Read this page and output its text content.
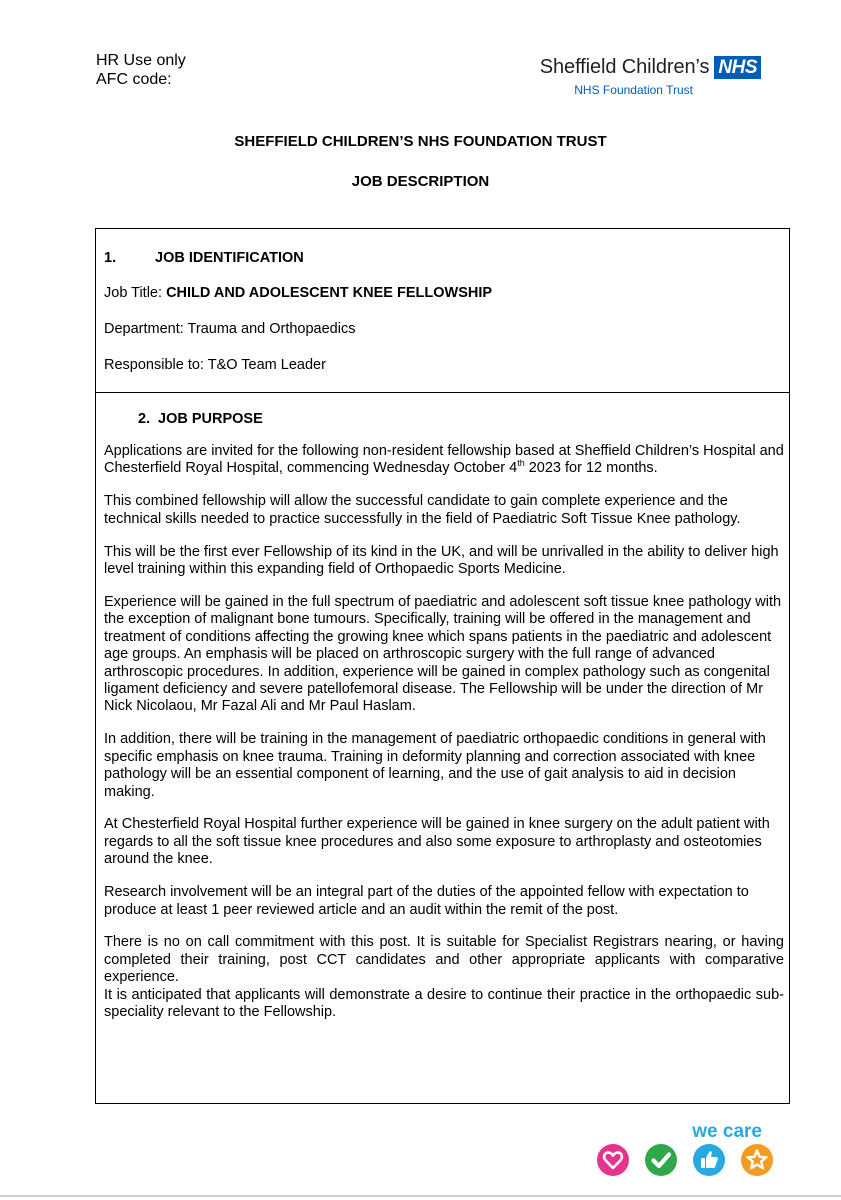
HR Use only
AFC code:
Sheffield Children’s NHS
NHS Foundation Trust
SHEFFIELD CHILDREN’S NHS FOUNDATION TRUST
JOB DESCRIPTION
1.	JOB IDENTIFICATION
Job Title: CHILD AND ADOLESCENT KNEE FELLOWSHIP
Department: Trauma and Orthopaedics
Responsible to: T&O Team Leader
2. JOB PURPOSE

Applications are invited for the following non-resident fellowship based at Sheffield Children’s Hospital and Chesterfield Royal Hospital, commencing Wednesday October 4th 2023 for 12 months.

This combined fellowship will allow the successful candidate to gain complete experience and the technical skills needed to practice successfully in the field of Paediatric Soft Tissue Knee pathology.

This will be the first ever Fellowship of its kind in the UK, and will be unrivalled in the ability to deliver high level training within this expanding field of Orthopaedic Sports Medicine.

Experience will be gained in the full spectrum of paediatric and adolescent soft tissue knee pathology with the exception of malignant bone tumours. Specifically, training will be offered in the management and treatment of conditions affecting the growing knee which spans patients in the paediatric and adolescent age groups. An emphasis will be placed on arthroscopic surgery with the full range of advanced arthroscopic procedures. In addition, experience will be gained in complex pathology such as congenital ligament deficiency and severe patellofemoral disease. The Fellowship will be under the direction of Mr Nick Nicolaou, Mr Fazal Ali and Mr Paul Haslam.

In addition, there will be training in the management of paediatric orthopaedic conditions in general with specific emphasis on knee trauma. Training in deformity planning and correction associated with knee pathology will be an essential component of learning, and the use of gait analysis to aid in decision making.

At Chesterfield Royal Hospital further experience will be gained in knee surgery on the adult patient with regards to all the soft tissue knee procedures and also some exposure to arthroplasty and osteotomies around the knee.

Research involvement will be an integral part of the duties of the appointed fellow with expectation to produce at least 1 peer reviewed article and an audit within the remit of the post.

There is no on call commitment with this post. It is suitable for Specialist Registrars nearing, or having completed their training, post CCT candidates and other appropriate applicants with comparative experience.

It is anticipated that applicants will demonstrate a desire to continue their practice in the orthopaedic sub-speciality relevant to the Fellowship.

we care
